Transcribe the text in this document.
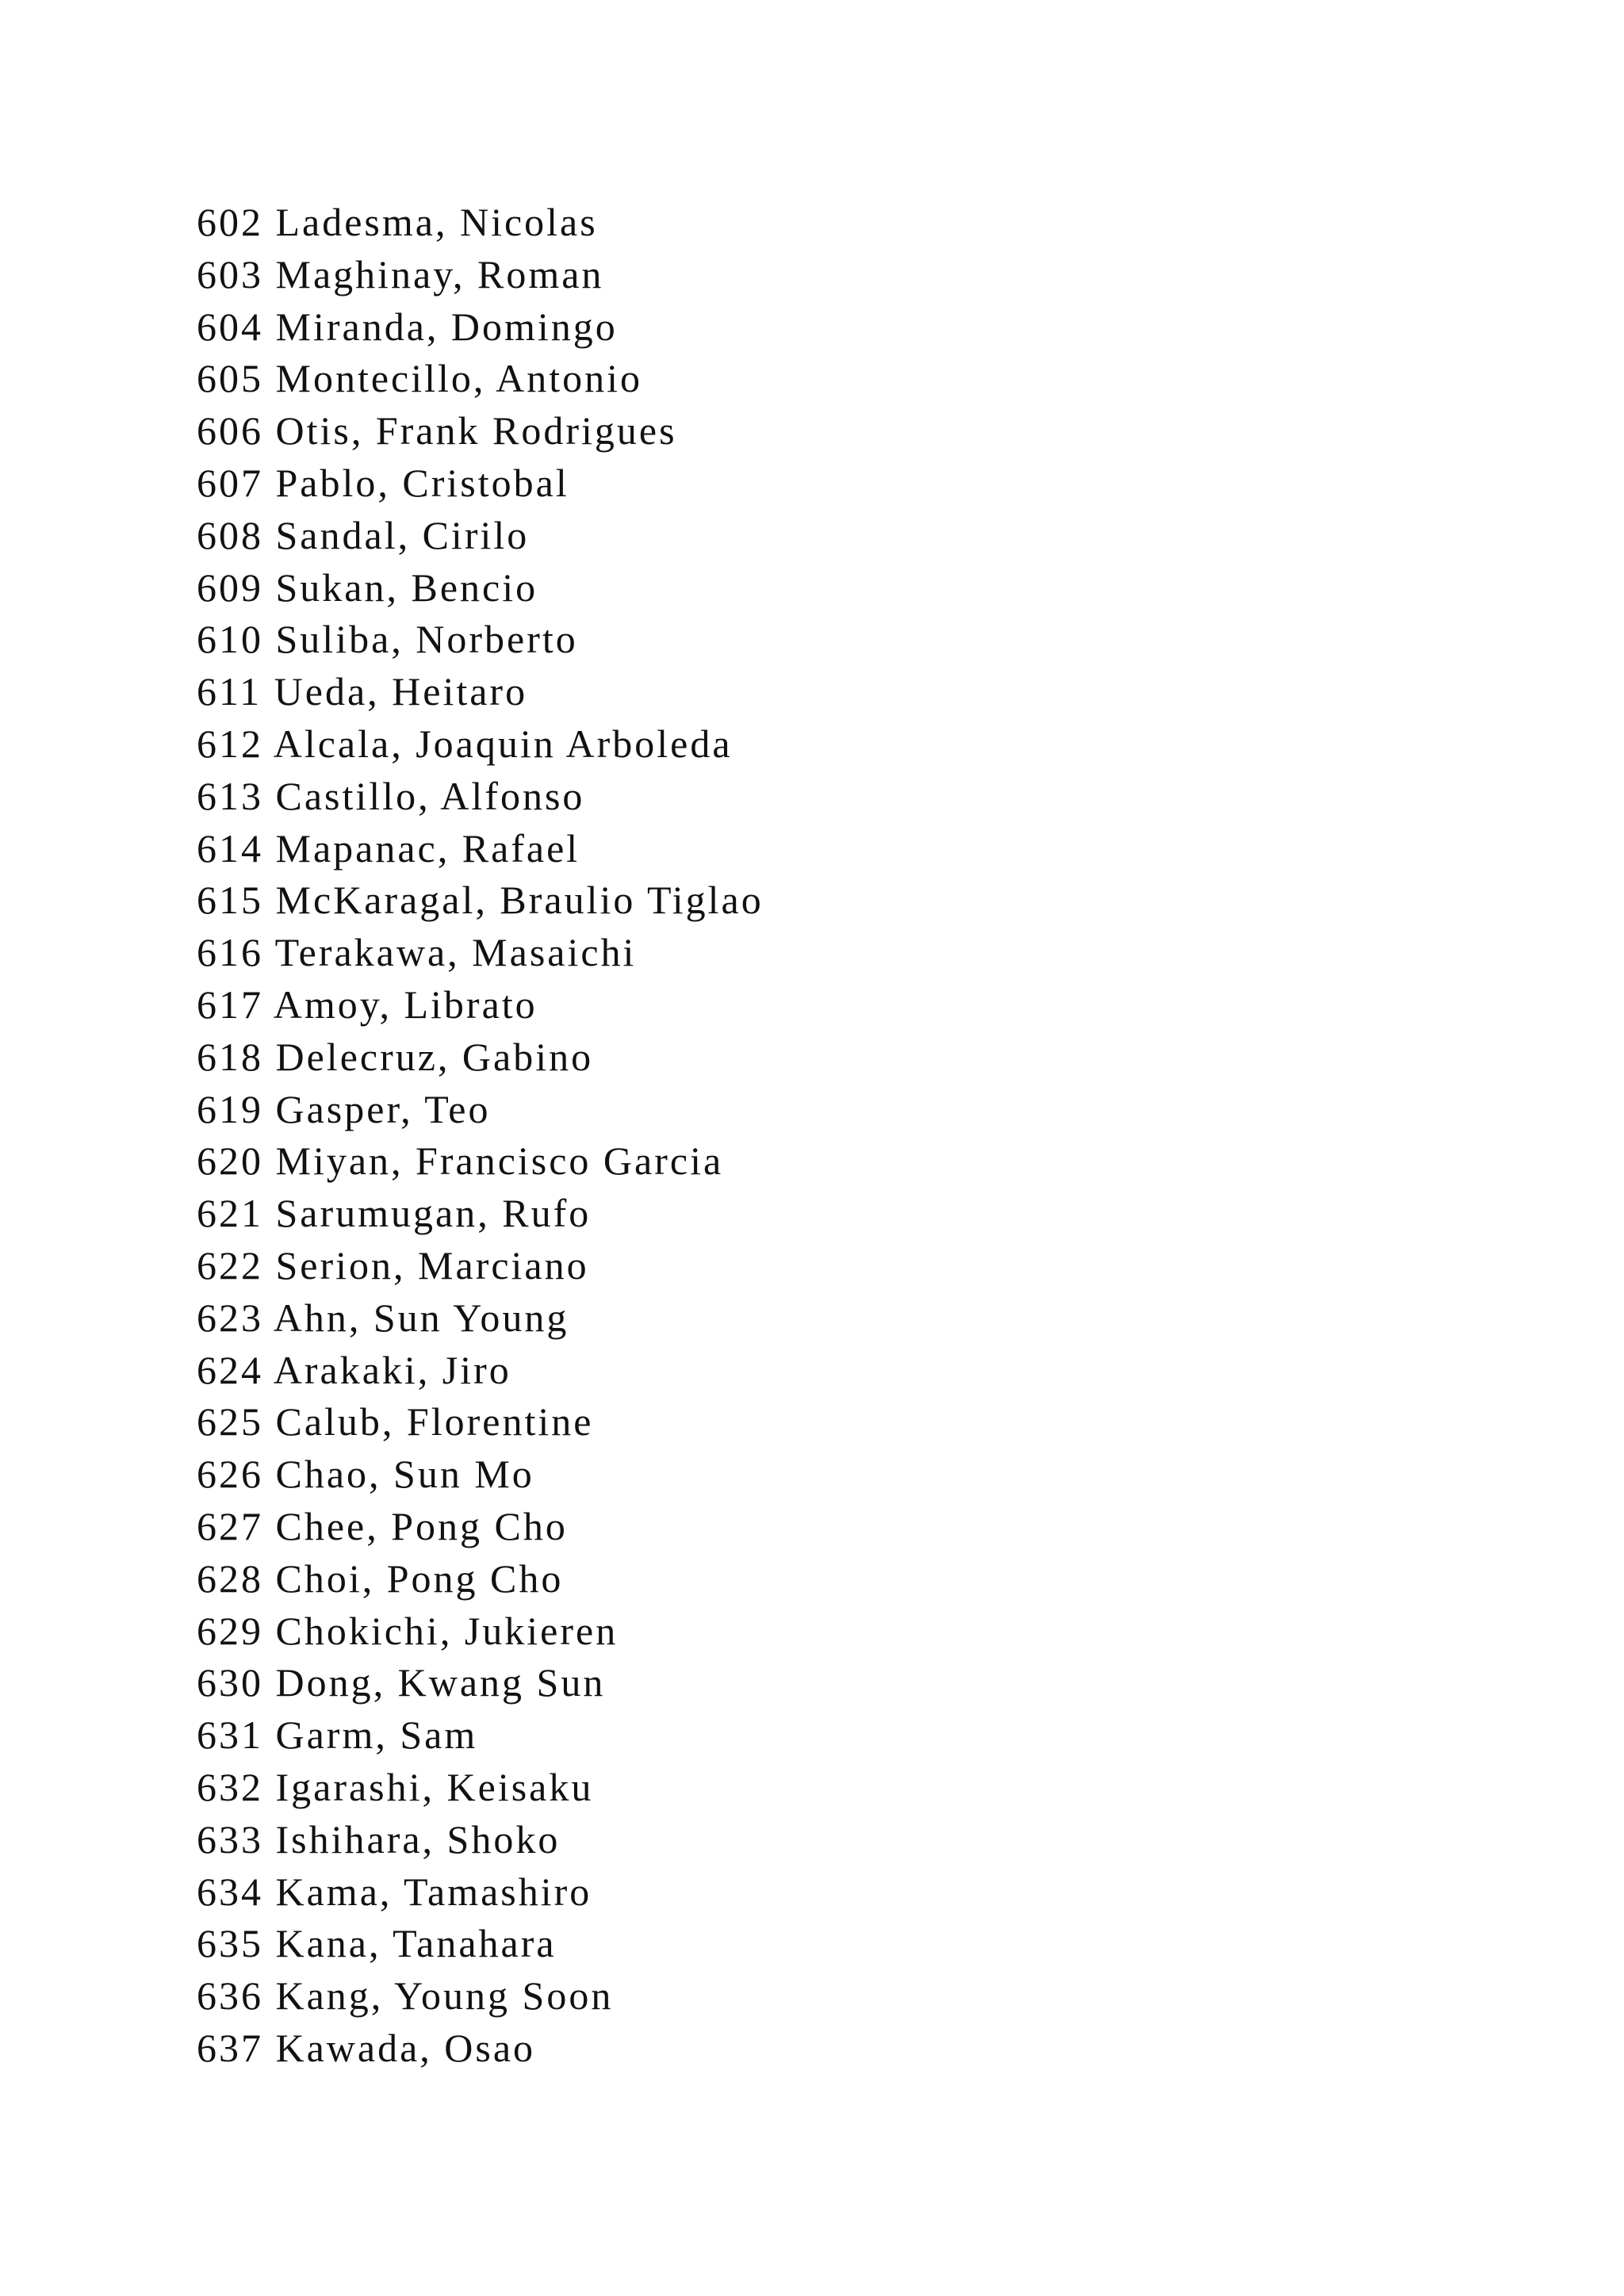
602 Ladesma, Nicolas
603 Maghinay, Roman
604 Miranda, Domingo
605 Montecillo, Antonio
606 Otis, Frank Rodrigues
607 Pablo, Cristobal
608 Sandal, Cirilo
609 Sukan, Bencio
610 Suliba, Norberto
611 Ueda, Heitaro
612 Alcala, Joaquin Arboleda
613 Castillo, Alfonso
614 Mapanac, Rafael
615 McKaragal, Braulio Tiglao
616 Terakawa, Masaichi
617 Amoy, Librato
618 Delecruz, Gabino
619 Gasper, Teo
620 Miyan, Francisco Garcia
621 Sarumugan, Rufo
622 Serion, Marciano
623 Ahn, Sun Young
624 Arakaki, Jiro
625 Calub, Florentine
626 Chao, Sun Mo
627 Chee, Pong Cho
628 Choi, Pong Cho
629 Chokichi, Jukieren
630 Dong, Kwang Sun
631 Garm, Sam
632 Igarashi, Keisaku
633 Ishihara, Shoko
634 Kama, Tamashiro
635 Kana, Tanahara
636 Kang, Young Soon
637 Kawada, Osao
